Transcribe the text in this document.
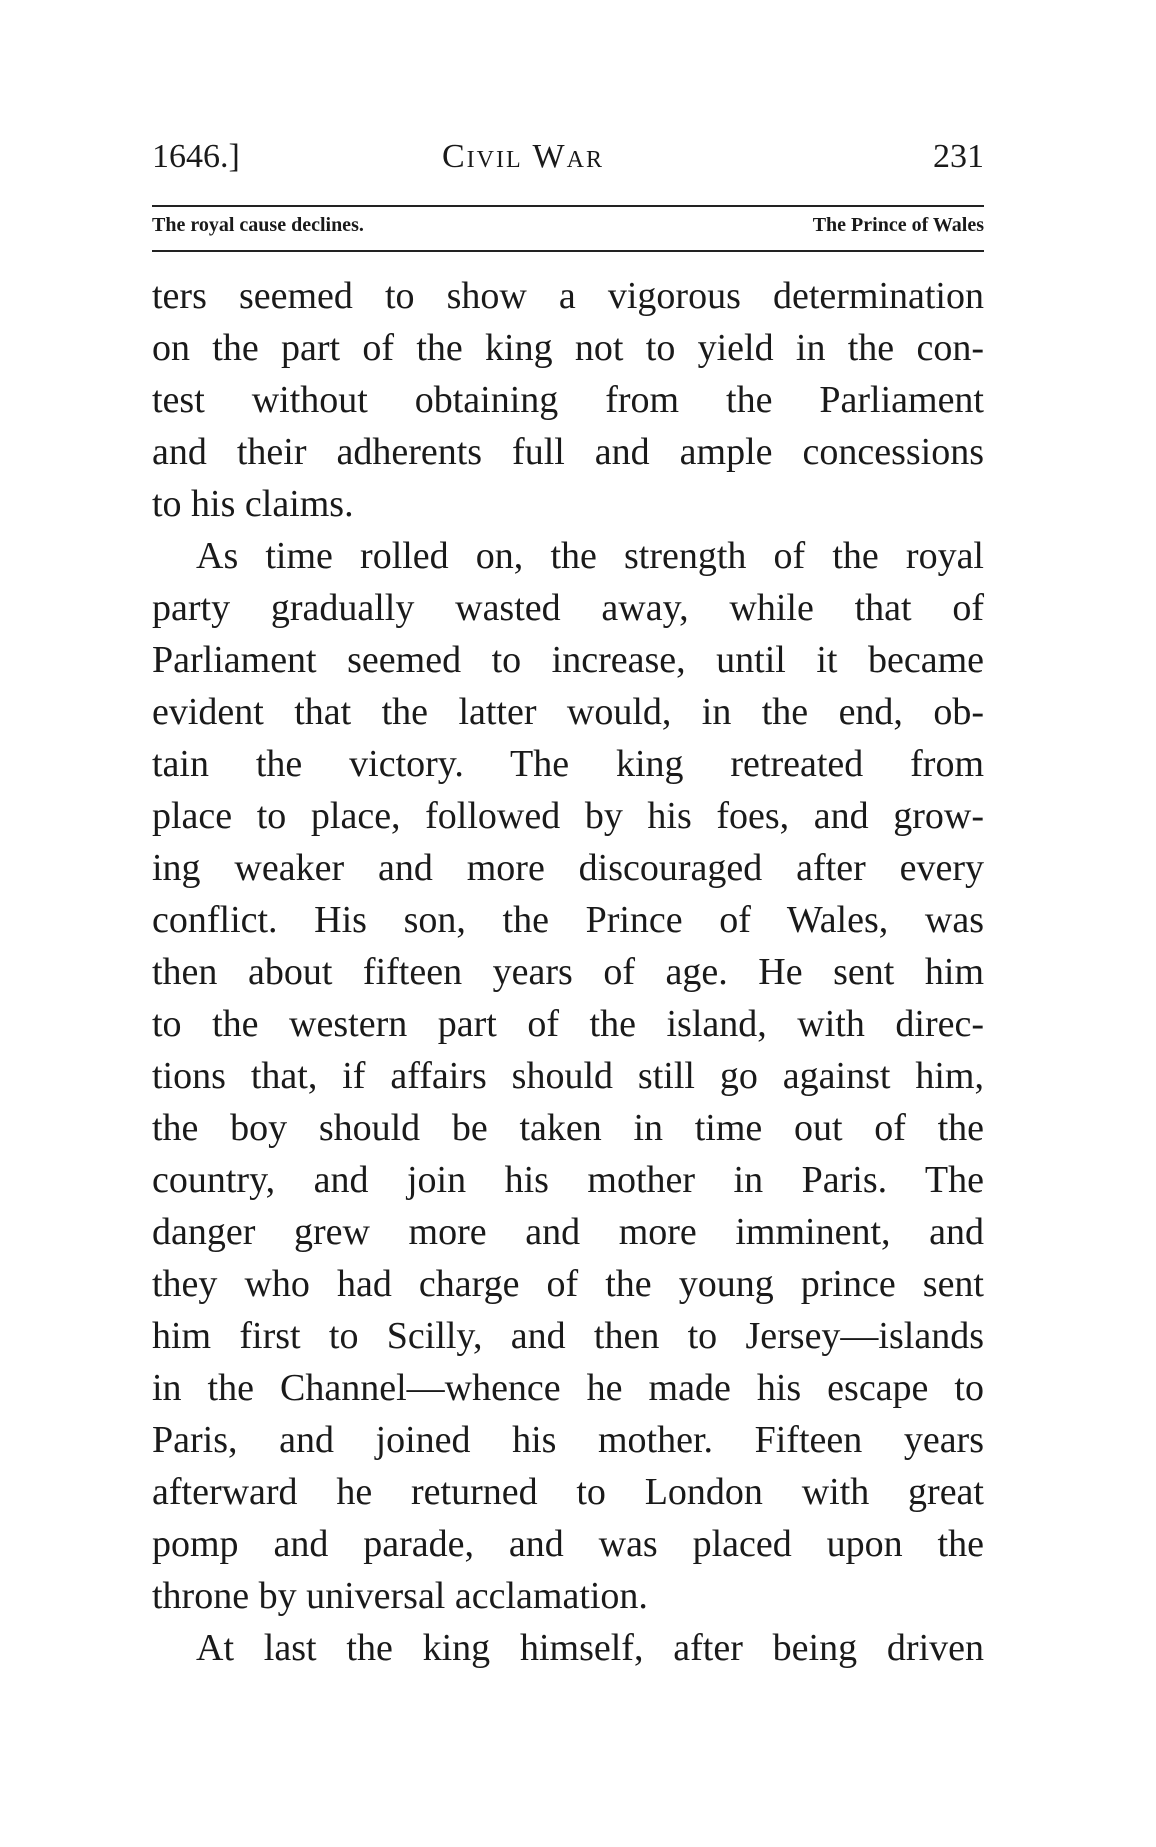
1646.]	Civil War	231
The royal cause declines.	The Prince of Wales
ters seemed to show a vigorous determination
on the part of the king not to yield in the con-
test without obtaining from the Parliament
and their adherents full and ample concessions
to his claims.
As time rolled on, the strength of the royal
party gradually wasted away, while that of
Parliament seemed to increase, until it became
evident that the latter would, in the end, ob-
tain the victory. The king retreated from
place to place, followed by his foes, and grow-
ing weaker and more discouraged after every
conflict. His son, the Prince of Wales, was
then about fifteen years of age. He sent him
to the western part of the island, with direc-
tions that, if affairs should still go against him,
the boy should be taken in time out of the
country, and join his mother in Paris. The
danger grew more and more imminent, and
they who had charge of the young prince sent
him first to Scilly, and then to Jersey—islands
in the Channel—whence he made his escape to
Paris, and joined his mother. Fifteen years
afterward he returned to London with great
pomp and parade, and was placed upon the
throne by universal acclamation.
At last the king himself, after being driven
